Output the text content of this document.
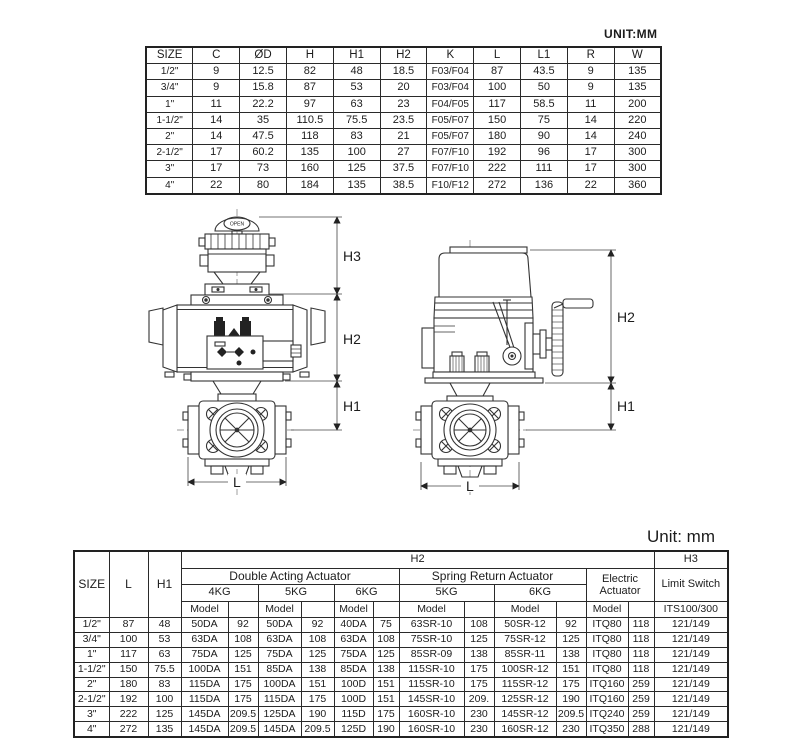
UNIT:MM
SIZE	C	ØD	H	H1	H2	K	L	L1	R	W
1/2"	9	12.5	82	48	18.5	F03/F04	87	43.5	9	135
3/4"	9	15.8	87	53	20	F03/F04	100	50	9	135
1"	11	22.2	97	63	23	F04/F05	117	58.5	11	200
1-1/2"	14	35	110.5	75.5	23.5	F05/F07	150	75	14	220
2"	14	47.5	118	83	21	F05/F07	180	90	14	240
2-1/2"	17	60.2	135	100	27	F07/F10	192	96	17	300
3"	17	73	160	125	37.5	F07/F10	222	111	17	300
4"	22	80	184	135	38.5	F10/F12	272	136	22	360
H3
H2
H1
L
OPEN
H2
H1
L
Unit: mm
SIZE	L	H1	H2												H3
			Double Acting Actuator						Spring Return Actuator				Electric Actuator		Limit Switch
			4KG		5KG		6KG		5KG		6KG				
			Model		Model		Model		Model		Model		Model		ITS100/300
1/2"	87	48	50DA	92	50DA	92	40DA	75	63SR-10	108	50SR-12	92	ITQ80	118	121/149
3/4"	100	53	63DA	108	63DA	108	63DA	108	75SR-10	125	75SR-12	125	ITQ80	118	121/149
1"	117	63	75DA	125	75DA	125	75DA	125	85SR-09	138	85SR-11	138	ITQ80	118	121/149
1-1/2"	150	75.5	100DA	151	85DA	138	85DA	138	115SR-10	175	100SR-12	151	ITQ80	118	121/149
2"	180	83	115DA	175	100DA	151	100D	151	115SR-10	175	115SR-12	175	ITQ160	259	121/149
2-1/2"	192	100	115DA	175	115DA	175	100D	151	145SR-10	209.	125SR-12	190	ITQ160	259	121/149
3"	222	125	145DA	209.5	125DA	190	115D	175	160SR-10	230	145SR-12	209.5	ITQ240	259	121/149
4"	272	135	145DA	209.5	145DA	209.5	125D	190	160SR-10	230	160SR-12	230	ITQ350	288	121/149
